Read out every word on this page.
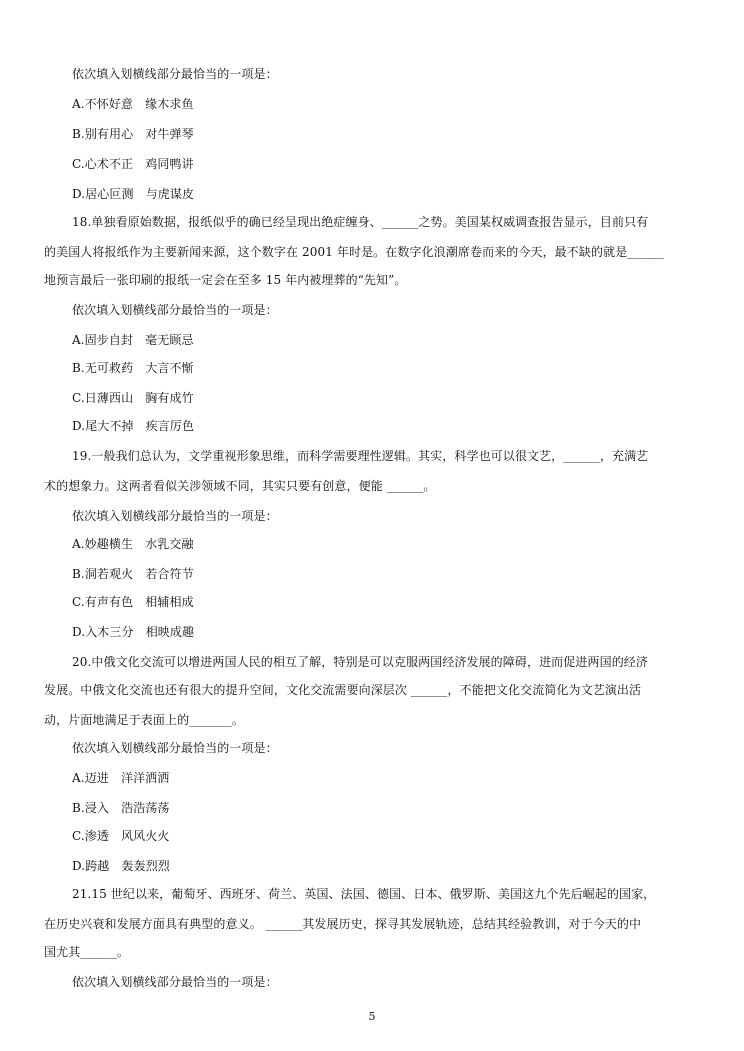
依次填入划横线部分最恰当的一项是：
A.不怀好意　缘木求鱼
B.别有用心　对牛弹琴
C.心术不正　鸡同鸭讲
D.居心叵测　与虎谋皮
18.单独看原始数据，报纸似乎的确已经呈现出绝症缠身、______之势。美国某权威调查报告显示，目前只有
的美国人将报纸作为主要新闻来源，这个数字在 2001 年时是。在数字化浪潮席卷而来的今天，最不缺的就是______
地预言最后一张印刷的报纸一定会在至多 15 年内被埋葬的“先知”。
依次填入划横线部分最恰当的一项是：
A.固步自封　毫无顾忌
B.无可救药　大言不惭
C.日薄西山　胸有成竹
D.尾大不掉　疾言厉色
19.一般我们总认为，文学重视形象思维，而科学需要理性逻辑。其实，科学也可以很文艺，______，充满艺
术的想象力。这两者看似关涉领域不同，其实只要有创意，便能 ______。
依次填入划横线部分最恰当的一项是：
A.妙趣横生　水乳交融
B.洞若观火　若合符节
C.有声有色　相辅相成
D.入木三分　相映成趣
20.中俄文化交流可以增进两国人民的相互了解，特别是可以克服两国经济发展的障碍，进而促进两国的经济
发展。中俄文化交流也还有很大的提升空间，文化交流需要向深层次 ______，不能把文化交流简化为文艺演出活
动，片面地满足于表面上的_______。
依次填入划横线部分最恰当的一项是：
A.迈进　洋洋洒洒
B.浸入　浩浩荡荡
C.渗透　风风火火
D.跨越　轰轰烈烈
21.15 世纪以来，葡萄牙、西班牙、荷兰、英国、法国、德国、日本、俄罗斯、美国这九个先后崛起的国家，
在历史兴衰和发展方面具有典型的意义。 ______其发展历史，探寻其发展轨迹，总结其经验教训，对于今天的中
国尤其______。
依次填入划横线部分最恰当的一项是：
5
